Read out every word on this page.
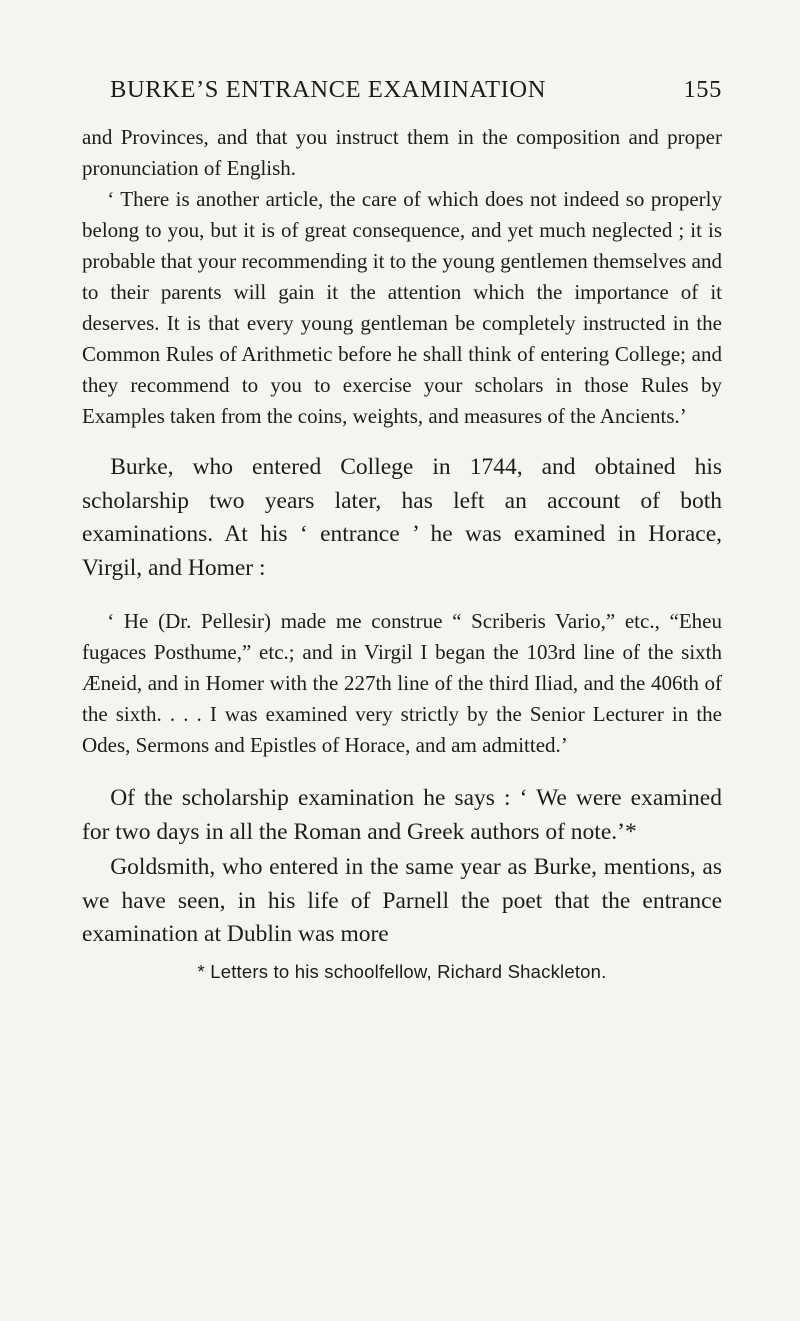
BURKE’S ENTRANCE EXAMINATION	155

and Provinces, and that you instruct them in the composition and proper pronunciation of English.

‘ There is another article, the care of which does not indeed so properly belong to you, but it is of great consequence, and yet much neglected ; it is probable that your recommending it to the young gentlemen themselves and to their parents will gain it the attention which the importance of it deserves. It is that every young gentleman be completely instructed in the Common Rules of Arithmetic before he shall think of entering College; and they recommend to you to exercise your scholars in those Rules by Examples taken from the coins, weights, and measures of the Ancients.’

Burke, who entered College in 1744, and obtained his scholarship two years later, has left an account of both examinations. At his ‘ entrance ’ he was examined in Horace, Virgil, and Homer :

‘ He (Dr. Pellesir) made me construe “ Scriberis Vario,” etc., “Eheu fugaces Posthume,” etc.; and in Virgil I began the 103rd line of the sixth Æneid, and in Homer with the 227th line of the third Iliad, and the 406th of the sixth. . . . I was examined very strictly by the Senior Lecturer in the Odes, Sermons and Epistles of Horace, and am admitted.’

Of the scholarship examination he says : ‘ We were examined for two days in all the Roman and Greek authors of note.’*

Goldsmith, who entered in the same year as Burke, mentions, as we have seen, in his life of Parnell the poet that the entrance examination at Dublin was more

* Letters to his schoolfellow, Richard Shackleton.
